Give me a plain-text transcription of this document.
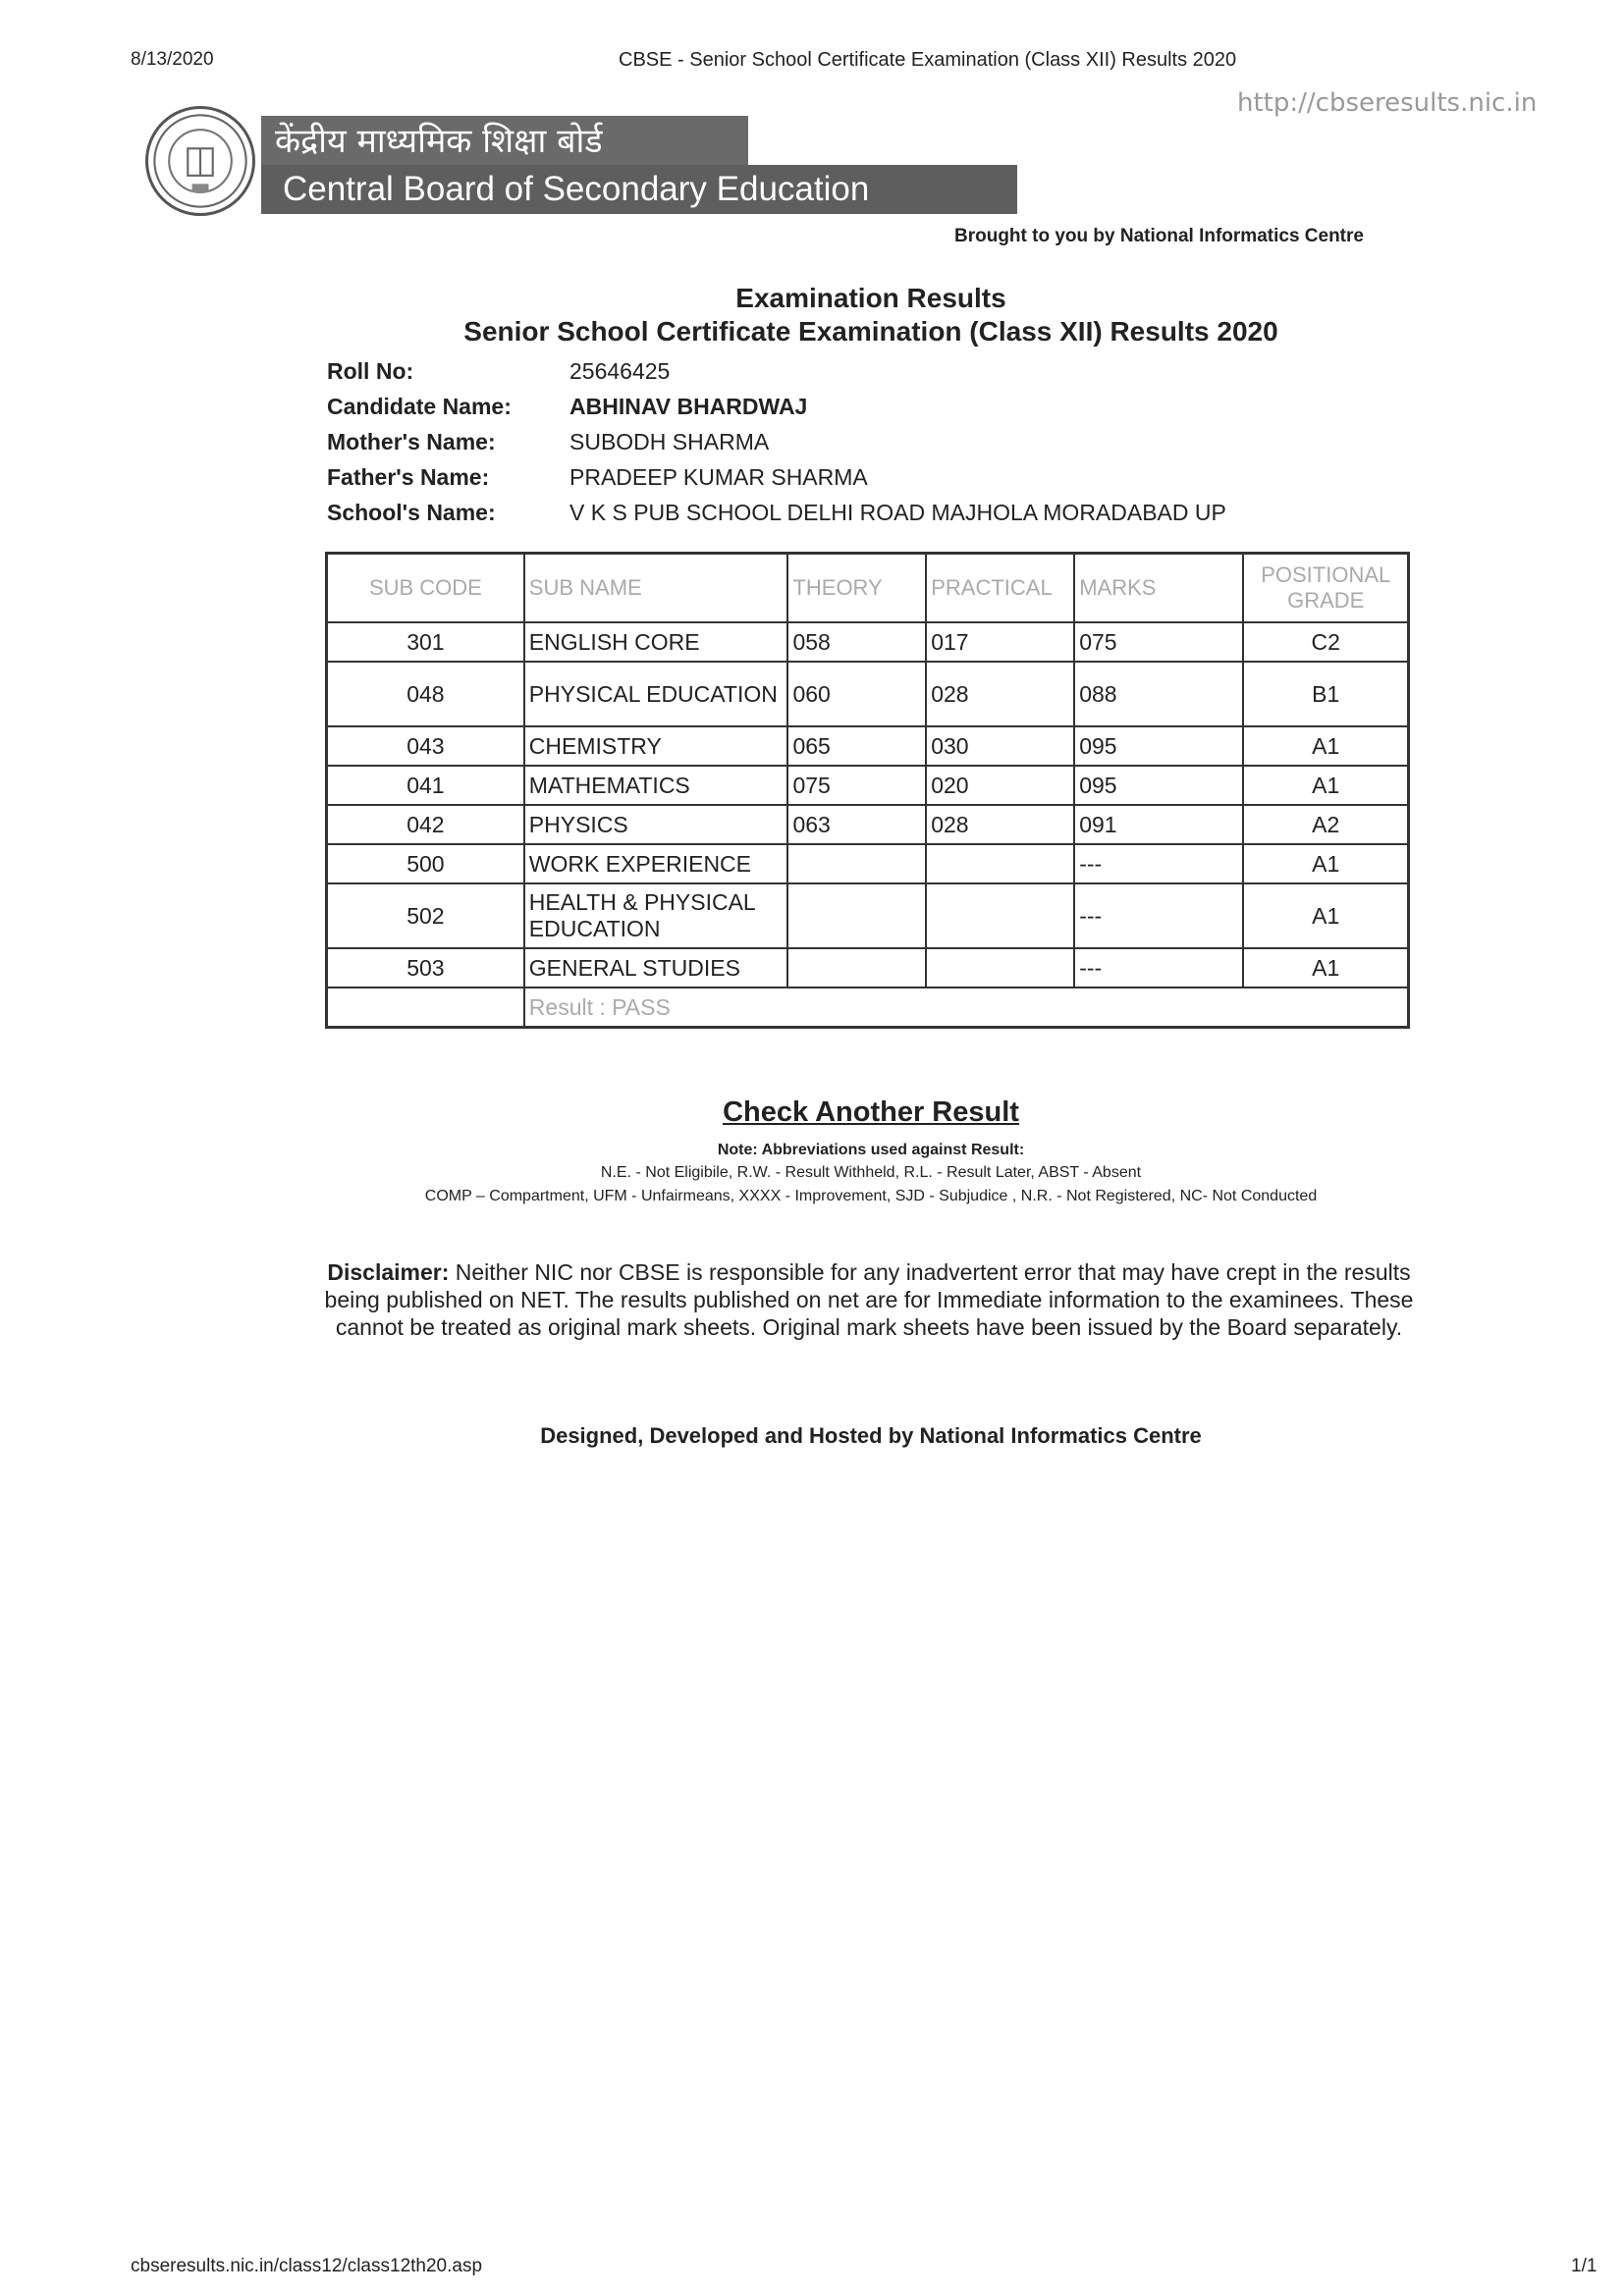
8/13/2020	CBSE - Senior School Certificate Examination (Class XII) Results 2020
केंद्रीय माध्यमिक शिक्षा बोर्ड
Central Board of Secondary Education
http://cbseresults.nic.in
Brought to you by National Informatics Centre
Examination Results
Senior School Certificate Examination (Class XII) Results 2020
Roll No:	25646425
Candidate Name:	ABHINAV BHARDWAJ
Mother's Name:	SUBODH SHARMA
Father's Name:	PRADEEP KUMAR SHARMA
School's Name:	V K S PUB SCHOOL DELHI ROAD MAJHOLA MORADABAD UP
SUB CODE	SUB NAME	THEORY	PRACTICAL	MARKS	POSITIONAL GRADE
301	ENGLISH CORE	058	017	075	C2
048	PHYSICAL EDUCATION	060	028	088	B1
043	CHEMISTRY	065	030	095	A1
041	MATHEMATICS	075	020	095	A1
042	PHYSICS	063	028	091	A2
500	WORK EXPERIENCE			---	A1
502	HEALTH & PHYSICAL EDUCATION			---	A1
503	GENERAL STUDIES			---	A1
	Result : PASS				
Check Another Result
Note: Abbreviations used against Result:
N.E. - Not Eligibile, R.W. - Result Withheld, R.L. - Result Later, ABST - Absent
COMP – Compartment, UFM - Unfairmeans, XXXX - Improvement, SJD - Subjudice , N.R. - Not Registered, NC- Not Conducted
Disclaimer: Neither NIC nor CBSE is responsible for any inadvertent error that may have crept in the results being published on NET. The results published on net are for Immediate information to the examinees. These cannot be treated as original mark sheets. Original mark sheets have been issued by the Board separately.
Designed, Developed and Hosted by National Informatics Centre
cbseresults.nic.in/class12/class12th20.asp	1/1
